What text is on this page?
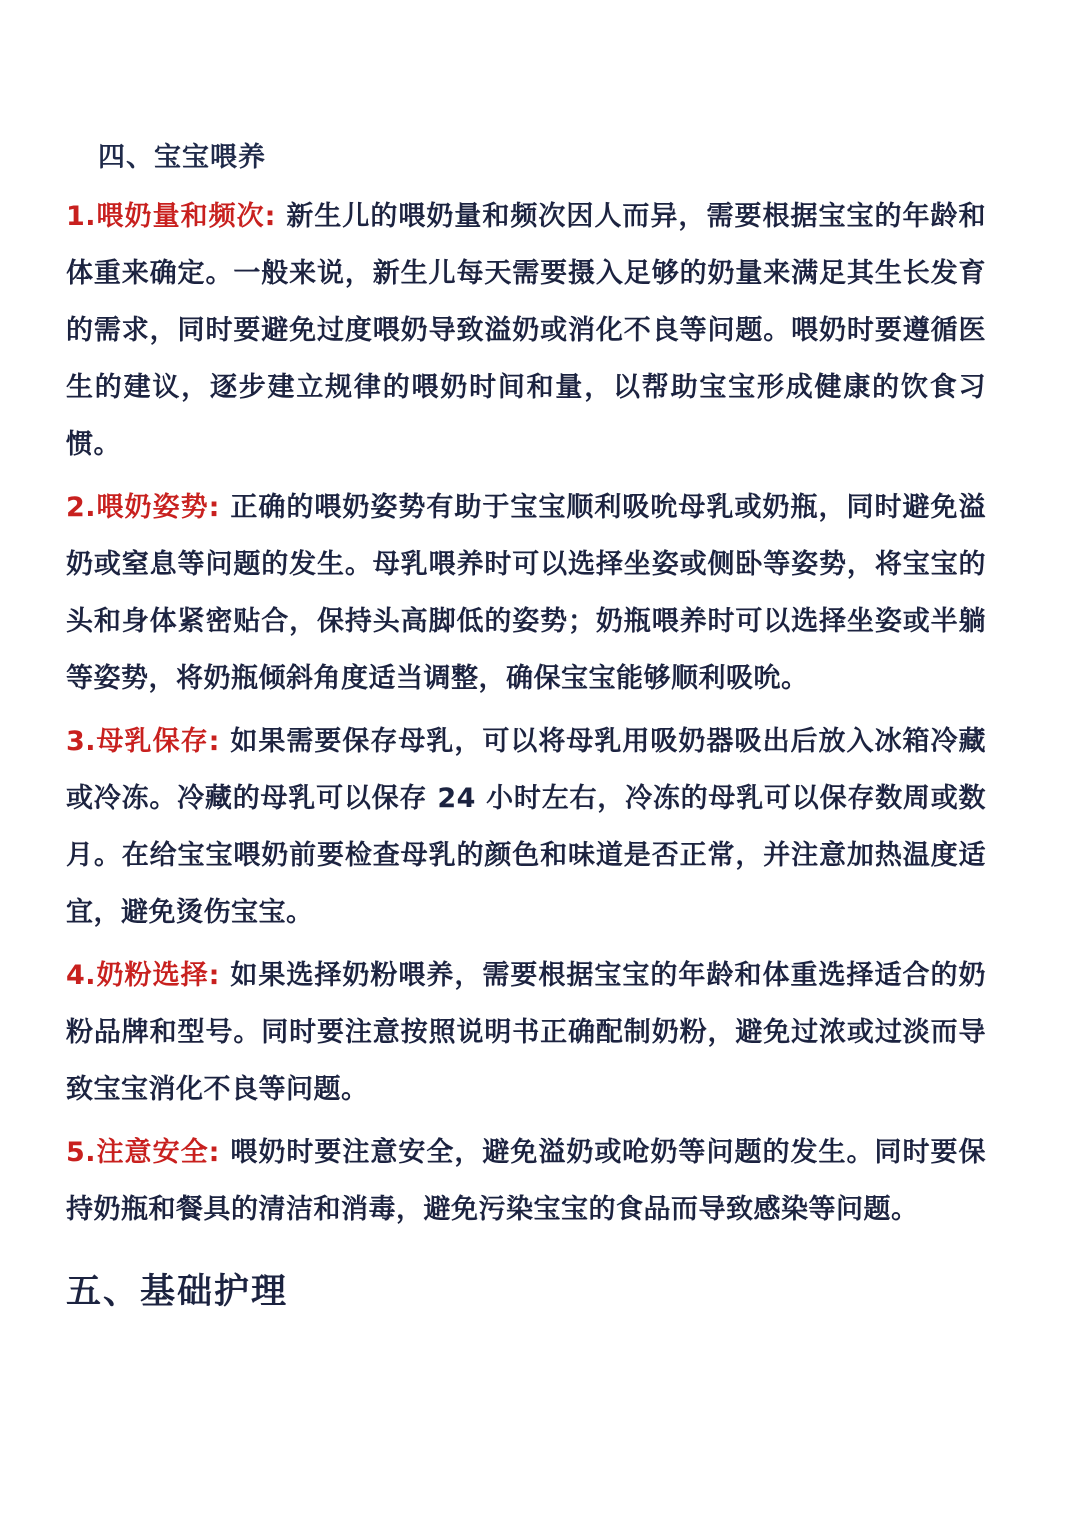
四、宝宝喂养

1.喂奶量和频次: 新生儿的喂奶量和频次因人而异，需要根据宝宝的年龄和体重来确定。一般来说，新生儿每天需要摄入足够的奶量来满足其生长发育的需求，同时要避免过度喂奶导致溢奶或消化不良等问题。喂奶时要遵循医生的建议，逐步建立规律的喂奶时间和量，以帮助宝宝形成健康的饮食习惯。

2.喂奶姿势: 正确的喂奶姿势有助于宝宝顺利吸吮母乳或奶瓶，同时避免溢奶或窒息等问题的发生。母乳喂养时可以选择坐姿或侧卧等姿势，将宝宝的头和身体紧密贴合，保持头高脚低的姿势；奶瓶喂养时可以选择坐姿或半躺等姿势，将奶瓶倾斜角度适当调整，确保宝宝能够顺利吸吮。

3.母乳保存: 如果需要保存母乳，可以将母乳用吸奶器吸出后放入冰箱冷藏或冷冻。冷藏的母乳可以保存 24 小时左右，冷冻的母乳可以保存数周或数月。在给宝宝喂奶前要检查母乳的颜色和味道是否正常，并注意加热温度适宜，避免烫伤宝宝。

4.奶粉选择: 如果选择奶粉喂养，需要根据宝宝的年龄和体重选择适合的奶粉品牌和型号。同时要注意按照说明书正确配制奶粉，避免过浓或过淡而导致宝宝消化不良等问题。

5.注意安全: 喂奶时要注意安全，避免溢奶或呛奶等问题的发生。同时要保持奶瓶和餐具的清洁和消毒，避免污染宝宝的食品而导致感染等问题。

五、基础护理
